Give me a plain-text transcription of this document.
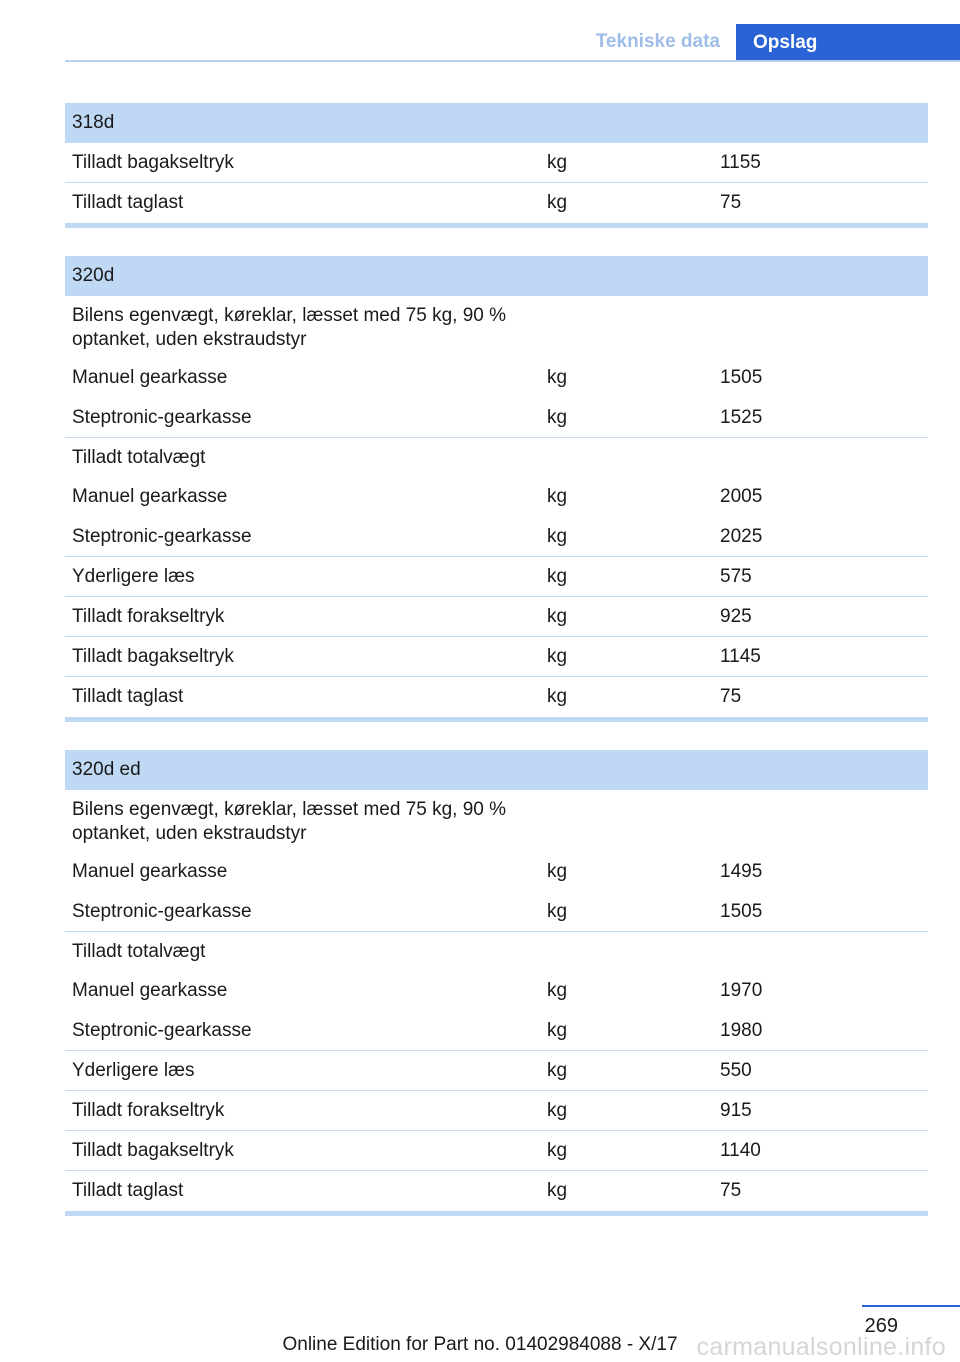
Tekniske data	Opslag
318d
Tilladt bagakseltryk	kg	1155
Tilladt taglast	kg	75
320d
Bilens egenvægt, køreklar, læsset med 75 kg, 90 % optanket, uden ekstraudstyr
Manuel gearkasse	kg	1505
Steptronic-gearkasse	kg	1525
Tilladt totalvægt
Manuel gearkasse	kg	2005
Steptronic-gearkasse	kg	2025
Yderligere læs	kg	575
Tilladt forakseltryk	kg	925
Tilladt bagakseltryk	kg	1145
Tilladt taglast	kg	75
320d ed
Bilens egenvægt, køreklar, læsset med 75 kg, 90 % optanket, uden ekstraudstyr
Manuel gearkasse	kg	1495
Steptronic-gearkasse	kg	1505
Tilladt totalvægt
Manuel gearkasse	kg	1970
Steptronic-gearkasse	kg	1980
Yderligere læs	kg	550
Tilladt forakseltryk	kg	915
Tilladt bagakseltryk	kg	1140
Tilladt taglast	kg	75
269
Online Edition for Part no. 01402984088 - X/17 carmanualsonline.info
